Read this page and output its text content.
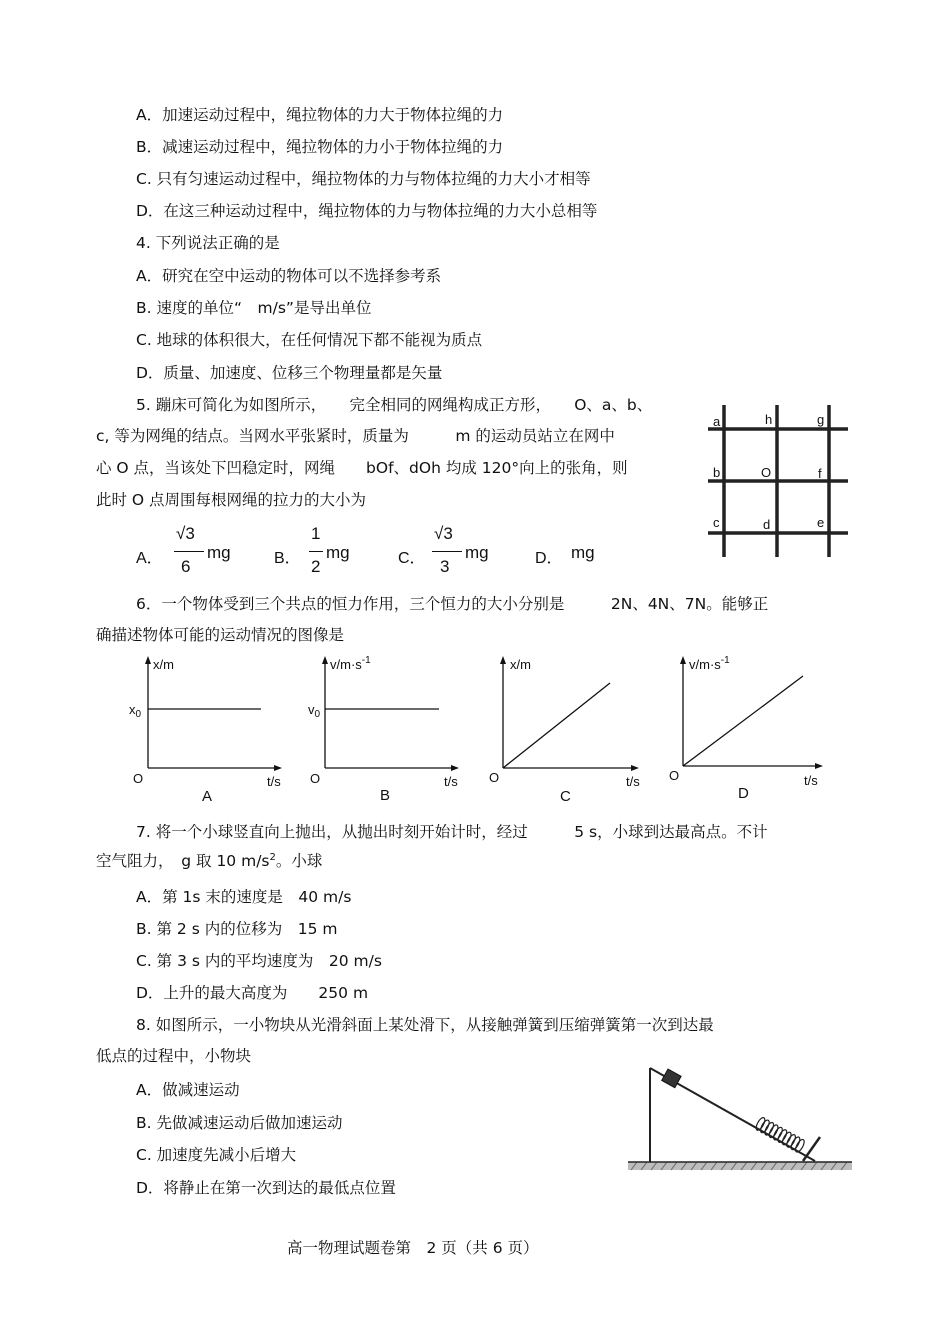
A．加速运动过程中，绳拉物体的力大于物体拉绳的力
B．减速运动过程中，绳拉物体的力小于物体拉绳的力
C. 只有匀速运动过程中，绳拉物体的力与物体拉绳的力大小才相等
D．在这三种运动过程中，绳拉物体的力与物体拉绳的力大小总相等
4. 下列说法正确的是
A．研究在空中运动的物体可以不选择参考系
B. 速度的单位“　m/s”是导出单位
C. 地球的体积很大，在任何情况下都不能视为质点
D．质量、加速度、位移三个物理量都是矢量
5. 蹦床可简化为如图所示，　　完全相同的网绳构成正方形，　　O、a、b、
c, 等为网绳的结点。当网水平张紧时，质量为　　　m 的运动员站立在网中
心 O 点，当该处下凹稳定时，网绳　　bOf、dOh 均成 120°向上的张角，则
此时 O 点周围每根网绳的拉力的大小为
a	h	g
b	O	f
c	d	e
A．
√3
6
mg	B．
1
2
mg	C．
√3
3
mg	D． mg
6．一个物体受到三个共点的恒力作用，三个恒力的大小分别是　　　2N、4N、7N。能够正
确描述物体可能的运动情况的图像是
x/m
$x_0$
O	t/s
A
$v/m\cdot s^{-1}$
$v_0$
O	t/s
B
x/m
O	t/s
C
$v/m\cdot s^{-1}$
O	t/s
D
7. 将一个小球竖直向上抛出，从抛出时刻开始计时，经过　　　5 s，小球到达最高点。不计
空气阻力，　g 取 10 $m/s^2$。小球
A．第 1s 末的速度是　40 m/s
B. 第 2 s 内的位移为　15 m
C. 第 3 s 内的平均速度为　20 m/s
D．上升的最大高度为　　250 m
8. 如图所示，一小物块从光滑斜面上某处滑下，从接触弹簧到压缩弹簧第一次到达最
低点的过程中，小物块
A．做减速运动
B. 先做减速运动后做加速运动
C. 加速度先减小后增大
D．将静止在第一次到达的最低点位置
高一物理试题卷第　2 页（共 6 页）
